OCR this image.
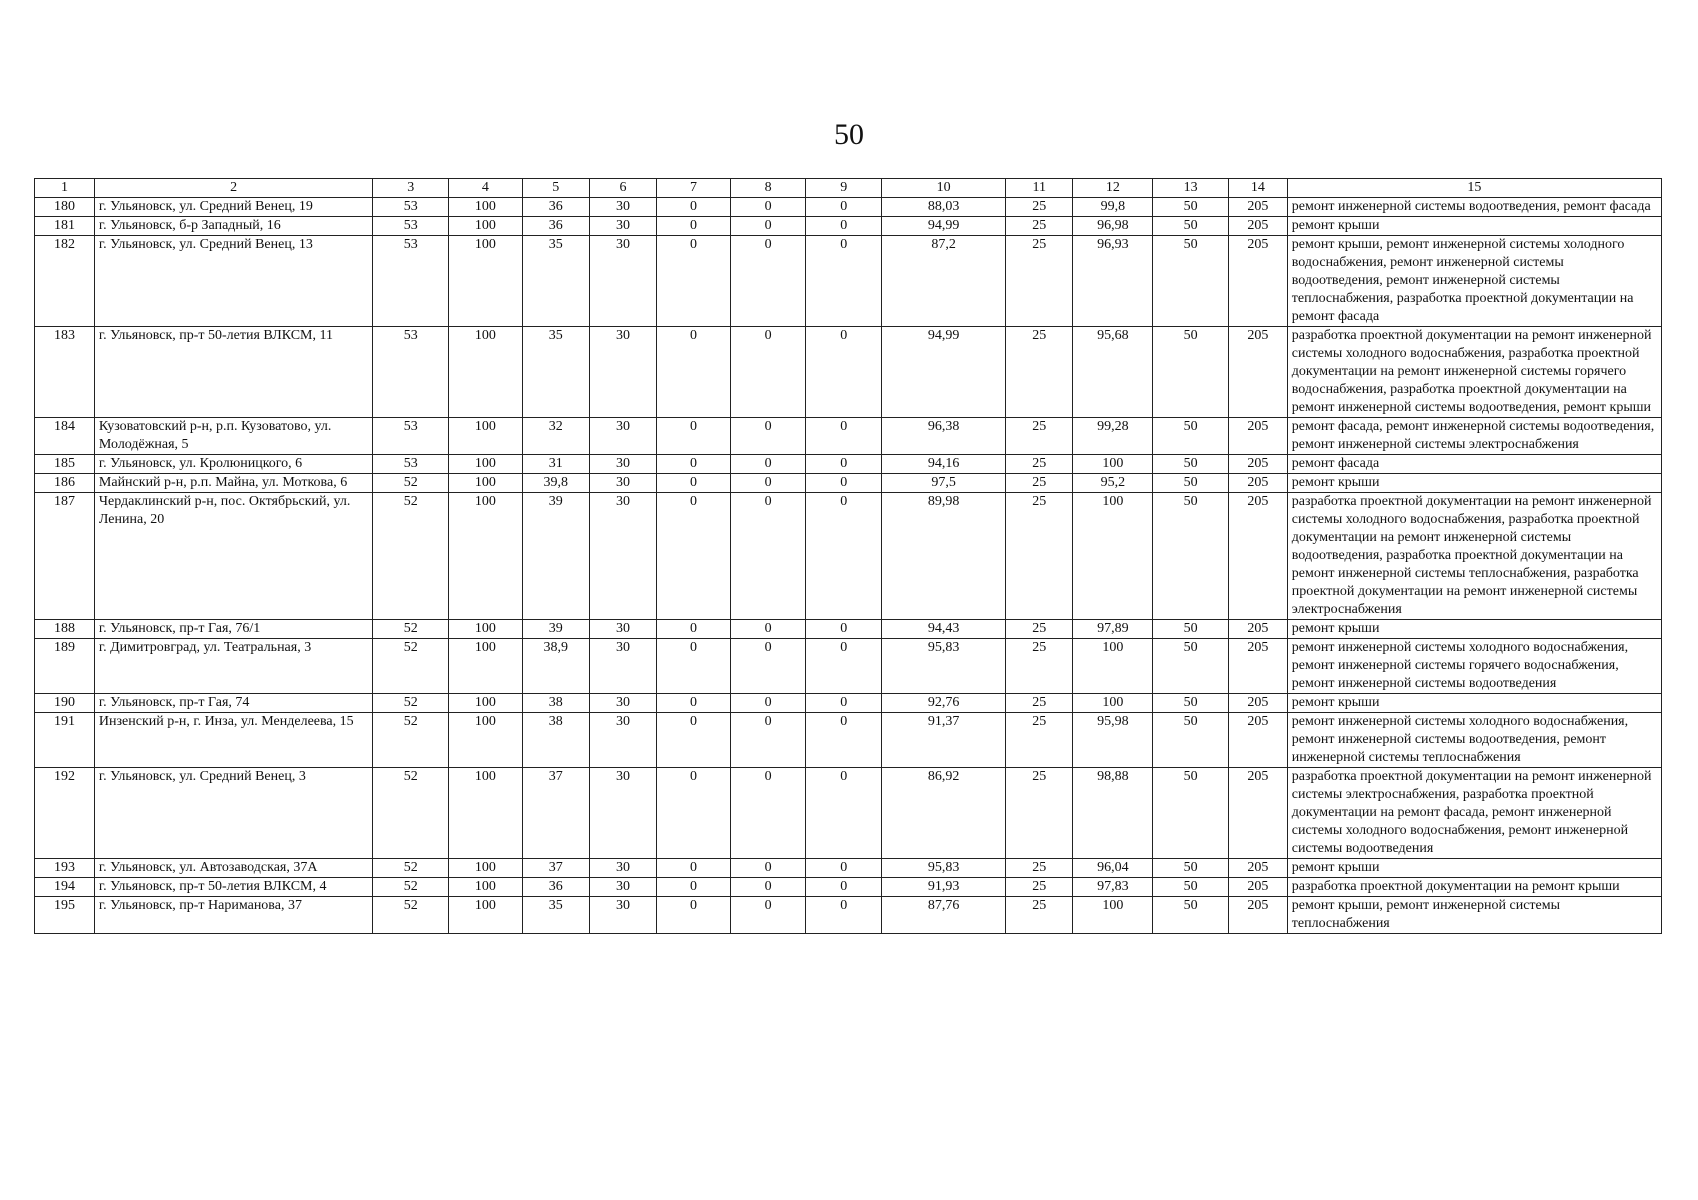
50
1	2	3	4	5	6	7	8	9	10	11	12	13	14	15
180	г. Ульяновск, ул. Средний Венец, 19	53	100	36	30	0	0	0	88,03	25	99,8	50	205	ремонт инженерной системы водоотведения, ремонт фасада
181	г. Ульяновск, б-р Западный, 16	53	100	36	30	0	0	0	94,99	25	96,98	50	205	ремонт крыши
182	г. Ульяновск, ул. Средний Венец, 13	53	100	35	30	0	0	0	87,2	25	96,93	50	205	ремонт крыши, ремонт инженерной системы холодного водоснабжения, ремонт инженерной системы водоотведения, ремонт инженерной системы теплоснабжения, разработка проектной документации на ремонт фасада
183	г. Ульяновск, пр-т 50-летия ВЛКСМ, 11	53	100	35	30	0	0	0	94,99	25	95,68	50	205	разработка проектной документации на ремонт инженерной системы холодного водоснабжения, разработка проектной документации на ремонт инженерной системы горячего водоснабжения, разработка проектной документации на ремонт инженерной системы водоотведения, ремонт крыши
184	Кузоватовский р-н, р.п. Кузоватово, ул. Молодёжная, 5	53	100	32	30	0	0	0	96,38	25	99,28	50	205	ремонт фасада, ремонт инженерной системы водоотведения, ремонт инженерной системы электроснабжения
185	г. Ульяновск, ул. Кролюницкого, 6	53	100	31	30	0	0	0	94,16	25	100	50	205	ремонт фасада
186	Майнский р-н, р.п. Майна, ул. Моткова, 6	52	100	39,8	30	0	0	0	97,5	25	95,2	50	205	ремонт крыши
187	Чердаклинский р-н, пос. Октябрьский, ул. Ленина, 20	52	100	39	30	0	0	0	89,98	25	100	50	205	разработка проектной документации на ремонт инженерной системы холодного водоснабжения, разработка проектной документации на ремонт инженерной системы водоотведения, разработка проектной документации на ремонт инженерной системы теплоснабжения, разработка проектной документации на ремонт инженерной системы электроснабжения
188	г. Ульяновск, пр-т Гая, 76/1	52	100	39	30	0	0	0	94,43	25	97,89	50	205	ремонт крыши
189	г. Димитровград, ул. Театральная, 3	52	100	38,9	30	0	0	0	95,83	25	100	50	205	ремонт инженерной системы холодного водоснабжения, ремонт инженерной системы горячего водоснабжения, ремонт инженерной системы водоотведения
190	г. Ульяновск, пр-т Гая, 74	52	100	38	30	0	0	0	92,76	25	100	50	205	ремонт крыши
191	Инзенский р-н, г. Инза, ул. Менделеева, 15	52	100	38	30	0	0	0	91,37	25	95,98	50	205	ремонт инженерной системы холодного водоснабжения, ремонт инженерной системы водоотведения, ремонт инженерной системы теплоснабжения
192	г. Ульяновск, ул. Средний Венец, 3	52	100	37	30	0	0	0	86,92	25	98,88	50	205	разработка проектной документации на ремонт инженерной системы электроснабжения, разработка проектной документации на ремонт фасада, ремонт инженерной системы холодного водоснабжения, ремонт инженерной системы водоотведения
193	г. Ульяновск, ул. Автозаводская, 37А	52	100	37	30	0	0	0	95,83	25	96,04	50	205	ремонт крыши
194	г. Ульяновск, пр-т 50-летия ВЛКСМ, 4	52	100	36	30	0	0	0	91,93	25	97,83	50	205	разработка проектной документации на ремонт крыши
195	г. Ульяновск, пр-т Нариманова, 37	52	100	35	30	0	0	0	87,76	25	100	50	205	ремонт крыши, ремонт инженерной системы теплоснабжения
